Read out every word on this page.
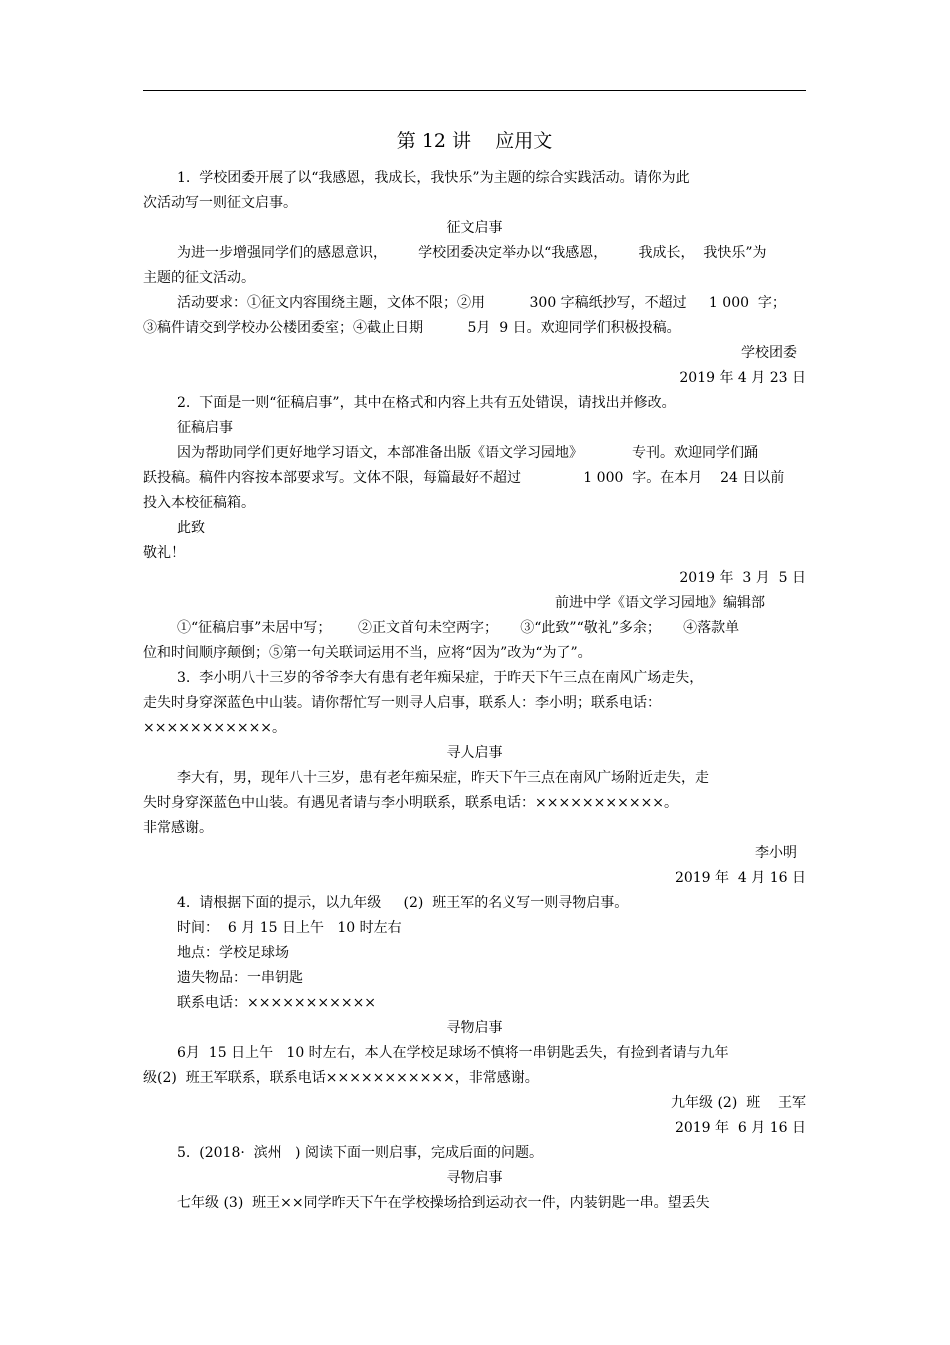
第 12 讲    应用文
1.  学校团委开展了以“我感恩，我成长，我快乐”为主题的综合实践活动。请你为此
次活动写一则征文启事。
征文启事
为进一步增强同学们的感恩意识，       学校团委决定举办以“我感恩，       我成长，  我快乐”为
主题的征文活动。
活动要求：①征文内容围绕主题，文体不限；②用          300 字稿纸抄写，不超过     1 000  字；
③稿件请交到学校办公楼团委室；④截止日期          5月  9 日。欢迎同学们积极投稿。
学校团委
2019 年 4 月 23 日
2.  下面是一则“征稿启事”，其中在格式和内容上共有五处错误，请找出并修改。
征稿启事
因为帮助同学们更好地学习语文，本部准备出版《语文学习园地》           专刊。欢迎同学们踊
跃投稿。稿件内容按本部要求写。文体不限，每篇最好不超过              1 000  字。在本月    24 日以前
投入本校征稿箱。
此致
敬礼！
2019 年  3 月  5 日
前进中学《语文学习园地》编辑部
①“征稿启事”未居中写；      ②正文首句未空两字；     ③“此致”“敬礼”多余；     ④落款单
位和时间顺序颠倒；⑤第一句关联词运用不当，应将“因为”改为“为了”。
3.  李小明八十三岁的爷爷李大有患有老年痴呆症，于昨天下午三点在南风广场走失，
走失时身穿深蓝色中山装。请你帮忙写一则寻人启事，联系人：李小明；联系电话：
×××××××××××。
寻人启事
李大有，男，现年八十三岁，患有老年痴呆症，昨天下午三点在南风广场附近走失，走
失时身穿深蓝色中山装。有遇见者请与李小明联系，联系电话：×××××××××××。
非常感谢。
李小明
2019 年  4 月 16 日
4.  请根据下面的提示，以九年级     (2)  班王军的名义写一则寻物启事。
时间：  6 月 15 日上午   10 时左右
地点：学校足球场
遗失物品：一串钥匙
联系电话：×××××××××××
寻物启事
6月  15 日上午   10 时左右，本人在学校足球场不慎将一串钥匙丢失，有捡到者请与九年
级(2)  班王军联系，联系电话×××××××××××，非常感谢。
九年级 (2)  班    王军
2019 年  6 月 16 日
5.  (2018·  滨州   ) 阅读下面一则启事，完成后面的问题。
寻物启事
七年级 (3)  班王××同学昨天下午在学校操场拾到运动衣一件，内装钥匙一串。望丢失
